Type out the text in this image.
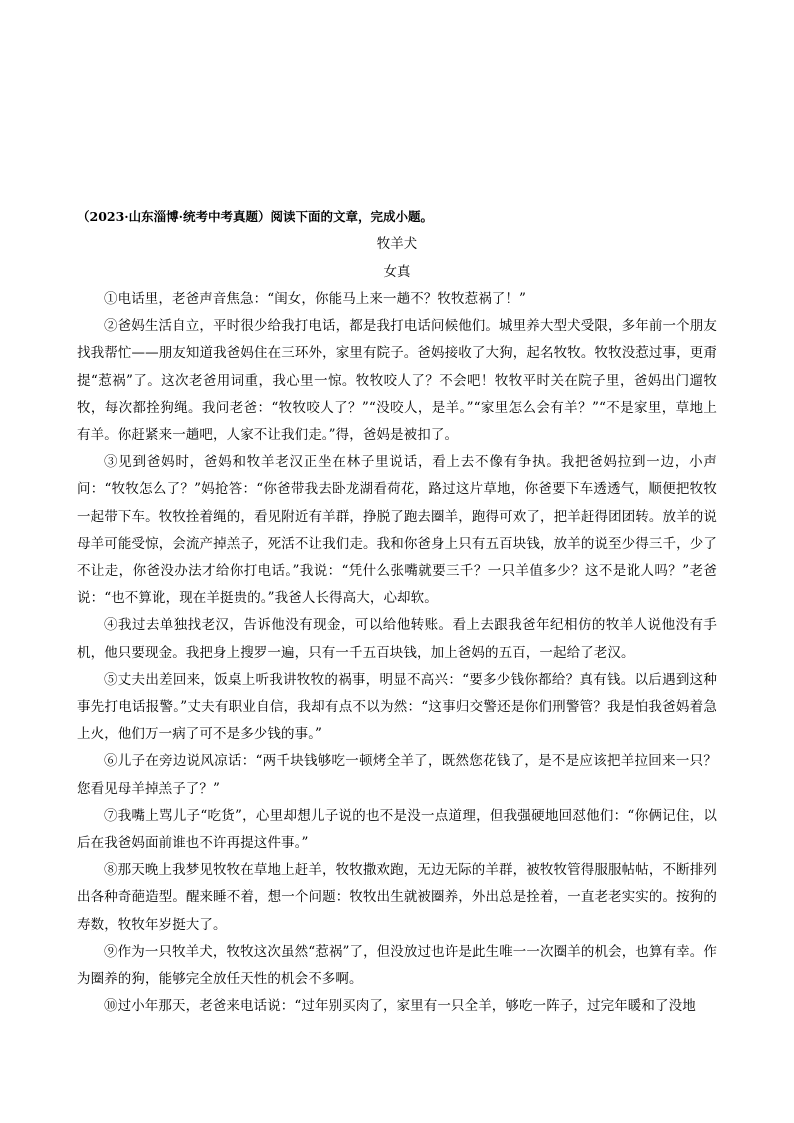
（2023·山东淄博·统考中考真题）阅读下面的文章，完成小题。

牧羊犬

女真

①电话里，老爸声音焦急：“闺女，你能马上来一趟不？牧牧惹祸了！”

②爸妈生活自立，平时很少给我打电话，都是我打电话问候他们。城里养大型犬受限，多年前一个朋友找我帮忙——朋友知道我爸妈住在三环外，家里有院子。爸妈接收了大狗，起名牧牧。牧牧没惹过事，更甭提“惹祸”了。这次老爸用词重，我心里一惊。牧牧咬人了？不会吧！牧牧平时关在院子里，爸妈出门遛牧牧，每次都拴狗绳。我问老爸：“牧牧咬人了？”“没咬人，是羊。”“家里怎么会有羊？”“不是家里，草地上有羊。你赶紧来一趟吧，人家不让我们走。”得，爸妈是被扣了。

③见到爸妈时，爸妈和牧羊老汉正坐在林子里说话，看上去不像有争执。我把爸妈拉到一边，小声问：“牧牧怎么了？”妈抢答：“你爸带我去卧龙湖看荷花，路过这片草地，你爸要下车透透气，顺便把牧牧一起带下车。牧牧拴着绳的，看见附近有羊群，挣脱了跑去圈羊，跑得可欢了，把羊赶得团团转。放羊的说母羊可能受惊，会流产掉羔子，死活不让我们走。我和你爸身上只有五百块钱，放羊的说至少得三千，少了不让走，你爸没办法才给你打电话。”我说：“凭什么张嘴就要三千？一只羊值多少？这不是讹人吗？”老爸说：“也不算讹，现在羊挺贵的。”我爸人长得高大，心却软。

④我过去单独找老汉，告诉他没有现金，可以给他转账。看上去跟我爸年纪相仿的牧羊人说他没有手机，他只要现金。我把身上搜罗一遍，只有一千五百块钱，加上爸妈的五百，一起给了老汉。

⑤丈夫出差回来，饭桌上听我讲牧牧的祸事，明显不高兴：“要多少钱你都给？真有钱。以后遇到这种事先打电话报警。”丈夫有职业自信，我却有点不以为然：“这事归交警还是你们刑警管？我是怕我爸妈着急上火，他们万一病了可不是多少钱的事。”

⑥儿子在旁边说风凉话：“两千块钱够吃一顿烤全羊了，既然您花钱了，是不是应该把羊拉回来一只？您看见母羊掉羔子了？”

⑦我嘴上骂儿子“吃货”，心里却想儿子说的也不是没一点道理，但我强硬地回怼他们：“你俩记住，以后在我爸妈面前谁也不许再提这件事。”

⑧那天晚上我梦见牧牧在草地上赶羊，牧牧撒欢跑，无边无际的羊群，被牧牧管得服服帖帖，不断排列出各种奇葩造型。醒来睡不着，想一个问题：牧牧出生就被圈养，外出总是拴着，一直老老实实的。按狗的寿数，牧牧年岁挺大了。

⑨作为一只牧羊犬，牧牧这次虽然“惹祸”了，但没放过也许是此生唯一一次圈羊的机会，也算有幸。作为圈养的狗，能够完全放任天性的机会不多啊。

⑩过小年那天，老爸来电话说：“过年别买肉了，家里有一只全羊，够吃一阵子，过完年暖和了没地
